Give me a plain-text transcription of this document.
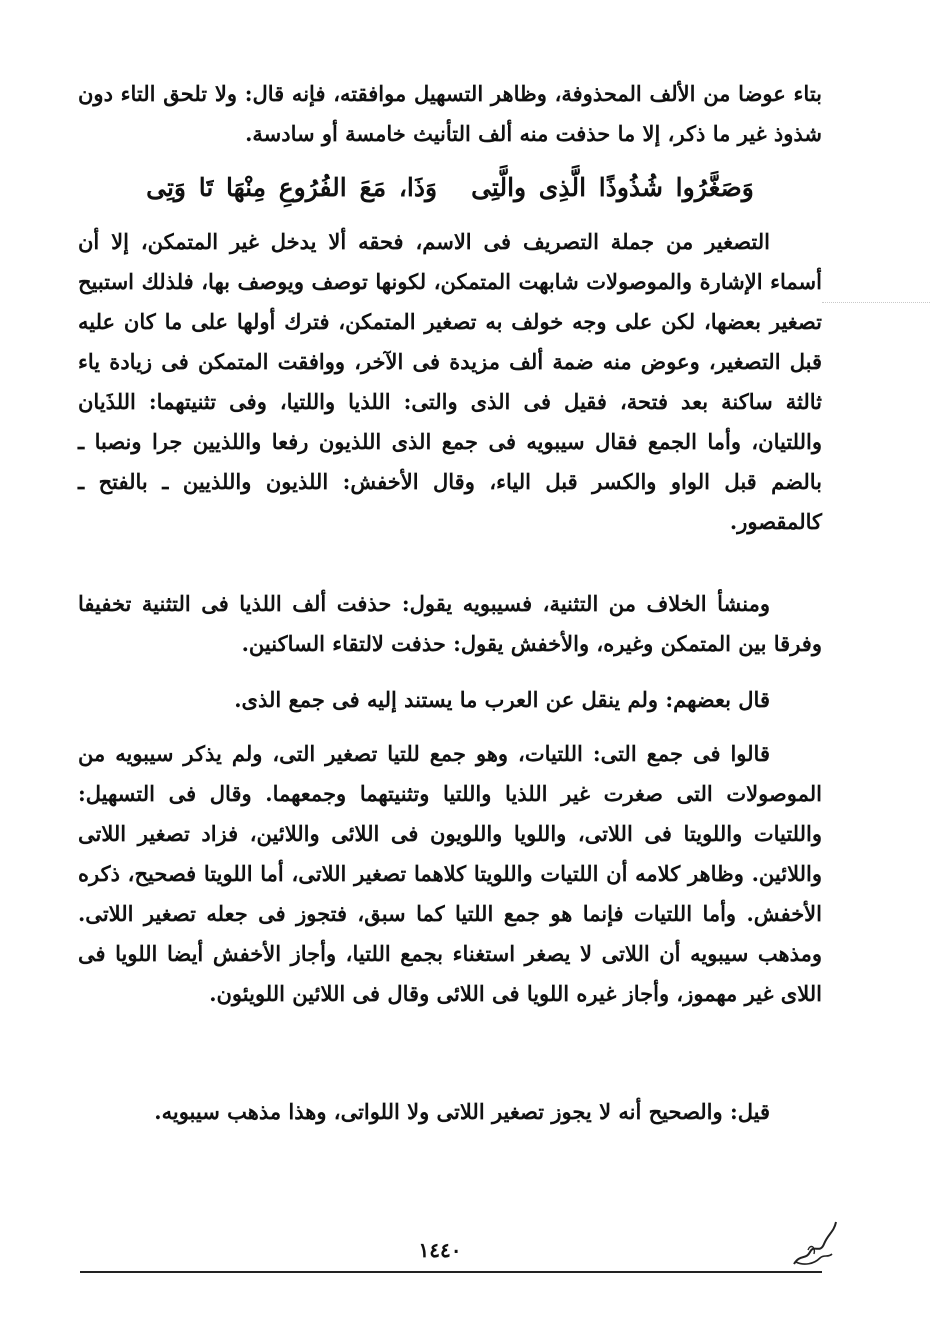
بتاء عوضا من الألف المحذوفة، وظاهر التسهيل موافقته، فإنه قال: ولا تلحق التاء دون شذوذ غير ما ذكر، إلا ما حذفت منه ألف التأنيث خامسة أو سادسة.

وَصَغَّرُوا شُذُوذًا الَّذِى والَّتِىوَذَا، مَعَ الفُرُوعِ مِنْهَا تَا وَتِى

التصغير من جملة التصريف فى الاسم، فحقه ألا يدخل غير المتمكن، إلا أن أسماء الإشارة والموصولات شابهت المتمكن، لكونها توصف ويوصف بها، فلذلك استبيح تصغير بعضها، لكن على وجه خولف به تصغير المتمكن، فترك أولها على ما كان عليه قبل التصغير، وعوض منه ضمة ألف مزيدة فى الآخر، ووافقت المتمكن فى زيادة ياء ثالثة ساكنة بعد فتحة، فقيل فى الذى والتى: اللذيا واللتيا، وفى تثنيتهما: اللذَيان واللتيان، وأما الجمع فقال سيبويه فى جمع الذى اللذيون رفعا واللذيين جرا ونصبا ـ بالضم قبل الواو والكسر قبل الياء، وقال الأخفش: اللذيون واللذيين ـ بالفتح ـ كالمقصور.

ومنشأ الخلاف من التثنية، فسيبويه يقول: حذفت ألف اللذيا فى التثنية تخفيفا وفرقا بين المتمكن وغيره، والأخفش يقول: حذفت لالتقاء الساكنين.

قال بعضهم: ولم ينقل عن العرب ما يستند إليه فى جمع الذى.

قالوا فى جمع التى: اللتيات، وهو جمع للتيا تصغير التى، ولم يذكر سيبويه من الموصولات التى صغرت غير اللذيا واللتيا وتثنيتهما وجمعهما. وقال فى التسهيل: واللتيات واللويتا فى اللاتى، واللويا واللويون فى اللائى واللائين، فزاد تصغير اللاتى واللائين. وظاهر كلامه أن اللتيات واللويتا كلاهما تصغير اللاتى، أما اللويتا فصحيح، ذكره الأخفش. وأما اللتيات فإنما هو جمع اللتيا كما سبق، فتجوز فى جعله تصغير اللاتى. ومذهب سيبويه أن اللاتى لا يصغر استغناء بجمع اللتيا، وأجاز الأخفش أيضا اللويا فى اللاى غير مهموز، وأجاز غيره اللويا فى اللائى وقال فى اللائين اللويئون.

قيل: والصحيح أنه لا يجوز تصغير اللاتى ولا اللواتى، وهذا مذهب سيبويه.

١٤٤٠
